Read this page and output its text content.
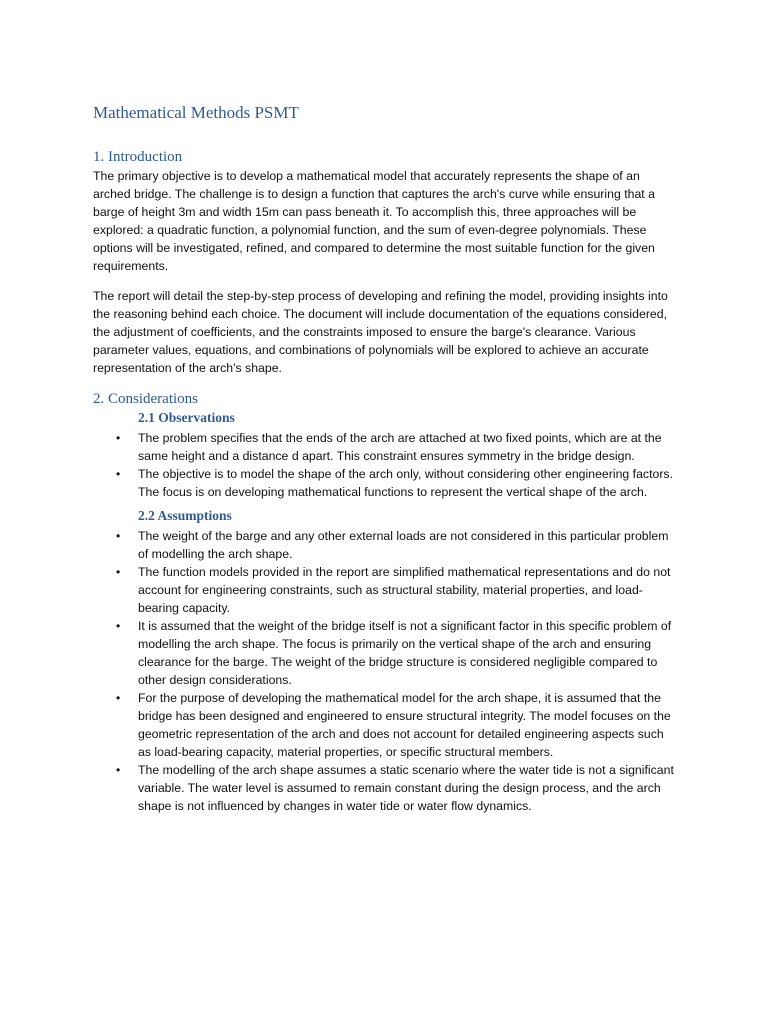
Mathematical Methods PSMT
1. Introduction

The primary objective is to develop a mathematical model that accurately represents the shape of an arched bridge. The challenge is to design a function that captures the arch's curve while ensuring that a barge of height 3m and width 15m can pass beneath it. To accomplish this, three approaches will be explored: a quadratic function, a polynomial function, and the sum of even-degree polynomials. These options will be investigated, refined, and compared to determine the most suitable function for the given requirements.

The report will detail the step-by-step process of developing and refining the model, providing insights into the reasoning behind each choice. The document will include documentation of the equations considered, the adjustment of coefficients, and the constraints imposed to ensure the barge's clearance. Various parameter values, equations, and combinations of polynomials will be explored to achieve an accurate representation of the arch's shape.

2. Considerations
2.1 Observations
• The problem specifies that the ends of the arch are attached at two fixed points, which are at the same height and a distance d apart. This constraint ensures symmetry in the bridge design.
• The objective is to model the shape of the arch only, without considering other engineering factors. The focus is on developing mathematical functions to represent the vertical shape of the arch.
2.2 Assumptions
• The weight of the barge and any other external loads are not considered in this particular problem of modelling the arch shape.
• The function models provided in the report are simplified mathematical representations and do not account for engineering constraints, such as structural stability, material properties, and load-bearing capacity.
• It is assumed that the weight of the bridge itself is not a significant factor in this specific problem of modelling the arch shape. The focus is primarily on the vertical shape of the arch and ensuring clearance for the barge. The weight of the bridge structure is considered negligible compared to other design considerations.
• For the purpose of developing the mathematical model for the arch shape, it is assumed that the bridge has been designed and engineered to ensure structural integrity. The model focuses on the geometric representation of the arch and does not account for detailed engineering aspects such as load-bearing capacity, material properties, or specific structural members.
• The modelling of the arch shape assumes a static scenario where the water tide is not a significant variable. The water level is assumed to remain constant during the design process, and the arch shape is not influenced by changes in water tide or water flow dynamics.
